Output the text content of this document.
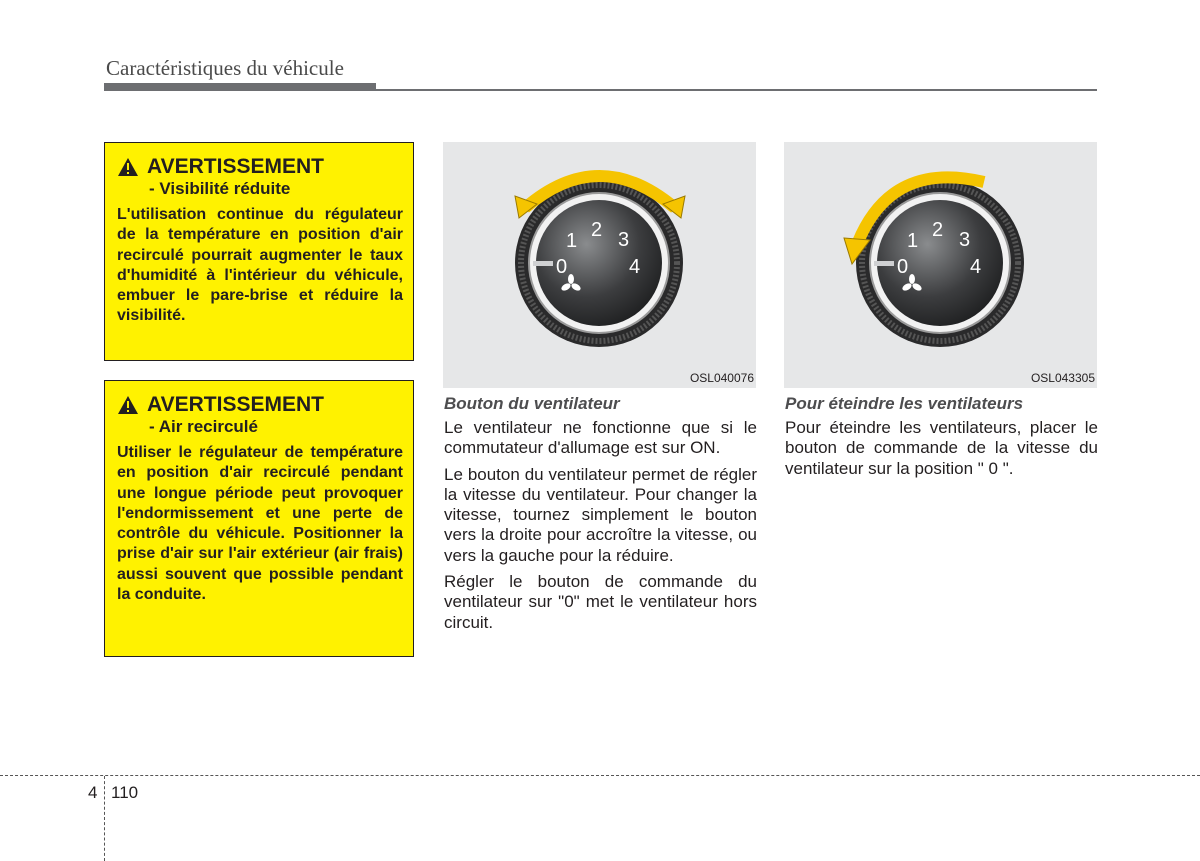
Caractéristiques du véhicule
AVERTISSEMENT
- Visibilité réduite
L'utilisation continue du régulateur de la température en position d'air recirculé pourrait augmenter le taux d'humidité à l'intérieur du véhicule, embuer le pare-brise et réduire la visibilité.
AVERTISSEMENT
- Air recirculé
Utiliser le régulateur de température en position d'air recirculé pendant une longue période peut provoquer l'endormissement et une perte de contrôle du véhicule. Positionner la prise d'air sur l'air extérieur (air frais) aussi souvent que possible pendant la conduite.
0
1 2 3
4
OSL040076
0
1 2 3
4
OSL043305
Bouton du ventilateur

Le ventilateur ne fonctionne que si le commutateur d'allumage est sur ON.

Le bouton du ventilateur permet de régler la vitesse du ventilateur. Pour changer la vitesse, tournez simplement le bouton vers la droite pour accroître la vitesse, ou vers la gauche pour la réduire.

Régler le bouton de commande du ventilateur sur "0" met le ventilateur hors circuit.

Pour éteindre les ventilateurs

Pour éteindre les ventilateurs, placer le bouton de commande de la vitesse du ventilateur sur la position " 0 ".

4 110
